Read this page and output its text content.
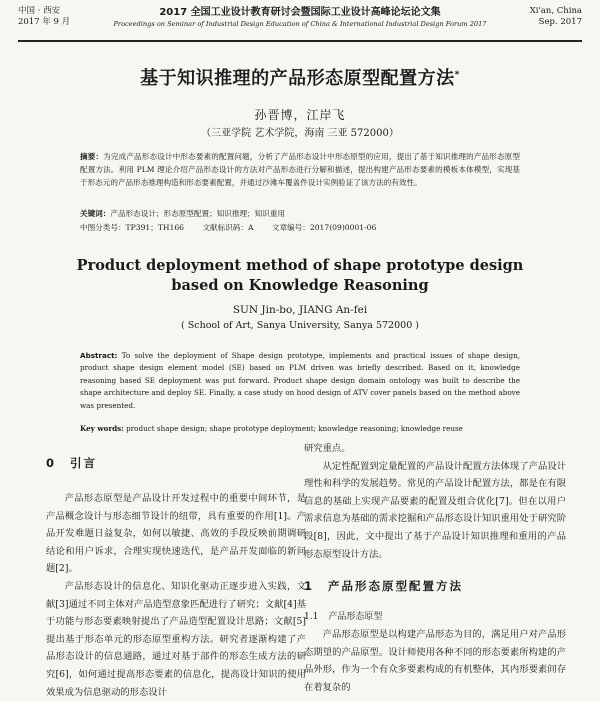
中国 · 西安
2017 年 9 月
2017 全国工业设计教育研讨会暨国际工业设计高峰论坛论文集
Proceedings on Seminar of Industrial Design Education of China & International Industrial Design Forum 2017
Xi'an, China
Sep. 2017
基于知识推理的产品形态原型配置方法*
孙晋博，江岸飞
（三亚学院 艺术学院，海南 三亚 572000）
摘要：为完成产品形态设计中形态要素的配置问题，分析了产品形态设计中形态原型的应用，提出了基于知识推理的产品形态原型配置方法。利用 PLM 理论介绍产品形态设计的方法对产品形态进行分解和描述，提出构建产品形态要素的模板本体模型，实现基于形态元的产品形态推理构造和形态要素配置，并通过沙滩车覆盖件设计实例验证了该方法的有效性。
关键词：产品形态设计；形态原型配置；知识推理；知识重用
中图分类号：TP391；TH166 文献标识码：A 文章编号：2017(09)0001-06
Product deployment method of shape prototype design based on Knowledge Reasoning
SUN Jin-bo, JIANG An-fei
( School of Art, Sanya University, Sanya 572000 )
Abstract: To solve the deployment of Shape design prototype, implements and practical issues of shape design, product shape design element model (SE) based on PLM driven was briefly described. Based on it, knowledge reasoning based SE deployment was put forward. Product shape design domain ontology was built to describe the shape architecture and deploy SE. Finally, a case study on hood design of ATV cover panels based on the method above was presented.
Key words: product shape design; shape prototype deployment; knowledge reasoning; knowledge reuse
0 引言

产品形态原型是产品设计开发过程中的重要中间环节，是产品概念设计与形态细节设计的纽带，具有重要的作用[1]。产品开发难题日益复杂，如何以敏捷、高效的手段反映前期调研结论和用户诉求，合理实现快速迭代，是产品开发面临的新问题[2]。

产品形态设计的信息化、知识化驱动正逐步进入实践，文献[3]通过不同主体对产品造型意象匹配进行了研究；文献[4]基于功能与形态要素映射提出了产品造型配置设计思路；文献[5]提出基于形态单元的形态原型重构方法。研究者逐渐构建了产品形态设计的信息通路，通过对基于部件的形态生成方法的研究[6]，如何通过提高形态要素的信息化，提高设计知识的使用效果成为信息驱动的形态设计

研究重点。

从定性配置到定量配置的产品设计配置方法体现了产品设计理性和科学的发展趋势。常见的产品设计配置方法，都是在有限信息的基础上实现产品要素的配置及组合优化[7]。但在以用户需求信息为基础的需求挖掘和产品形态设计知识重用处于研究阶段[8]，因此，文中提出了基于产品设计知识推理和重用的产品形态原型设计方法。

1 产品形态原型配置方法
1.1 产品形态原型

产品形态原型是以构建产品形态为目的，满足用户对产品形态期望的产品原型。设计师使用各种不同的形态要素所构建的产品外形，作为一个有众多要素构成的有机整体，其内形要素间存在着复杂的
